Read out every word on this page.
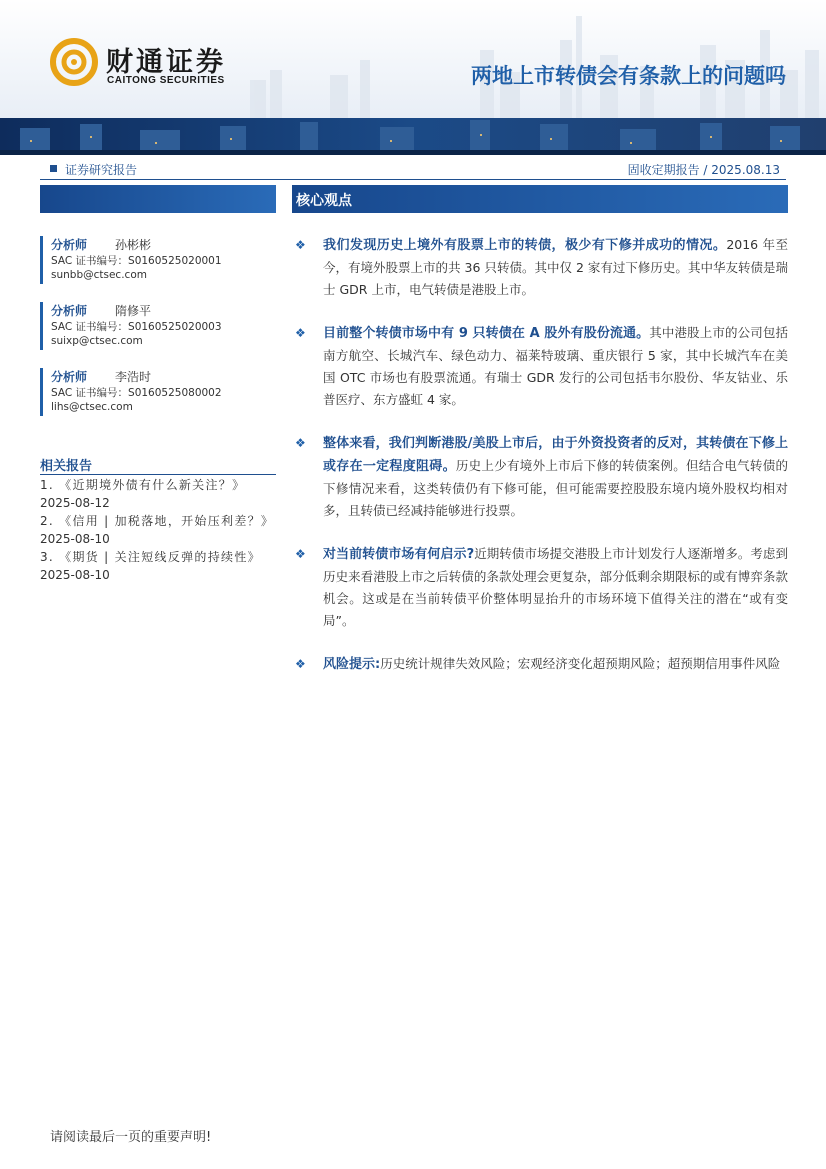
财通证券
CAITONG SECURITIES	两地上市转债会有条款上的问题吗
证券研究报告	固收定期报告 / 2025.08.13
分析师 孙彬彬
SAC 证书编号：S0160525020001
sunbb@ctsec.com
分析师 隋修平
SAC 证书编号：S0160525020003
suixp@ctsec.com
分析师 李浩时
SAC 证书编号：S0160525080002
lihs@ctsec.com
相关报告
1. 《近期境外债有什么新关注？》
2025-08-12
2. 《信用 | 加税落地，开始压利差？》
2025-08-10
3. 《期货 | 关注短线反弹的持续性》
2025-08-10
核心观点
❖ 我们发现历史上境外有股票上市的转债，极少有下修并成功的情况。2016 年至今，有境外股票上市的共 36 只转债。其中仅 2 家有过下修历史。其中华友转债是瑞士 GDR 上市，电气转债是港股上市。
❖ 目前整个转债市场中有 9 只转债在 A 股外有股份流通。其中港股上市的公司包括南方航空、长城汽车、绿色动力、福莱特玻璃、重庆银行 5 家，其中长城汽车在美国 OTC 市场也有股票流通。有瑞士 GDR 发行的公司包括韦尔股份、华友钴业、乐普医疗、东方盛虹 4 家。
❖ 整体来看，我们判断港股/美股上市后，由于外资投资者的反对，其转债在下修上或存在一定程度阻碍。历史上少有境外上市后下修的转债案例。但结合电气转债的下修情况来看，这类转债仍有下修可能，但可能需要控股股东境内境外股权均相对多，且转债已经减持能够进行投票。
❖ 对当前转债市场有何启示?近期转债市场提交港股上市计划发行人逐渐增多。考虑到历史来看港股上市之后转债的条款处理会更复杂，部分低剩余期限标的或有博弈条款机会。这或是在当前转债平价整体明显抬升的市场环境下值得关注的潜在“或有变局”。
❖ 风险提示:历史统计规律失效风险；宏观经济变化超预期风险；超预期信用事件风险
请阅读最后一页的重要声明!
